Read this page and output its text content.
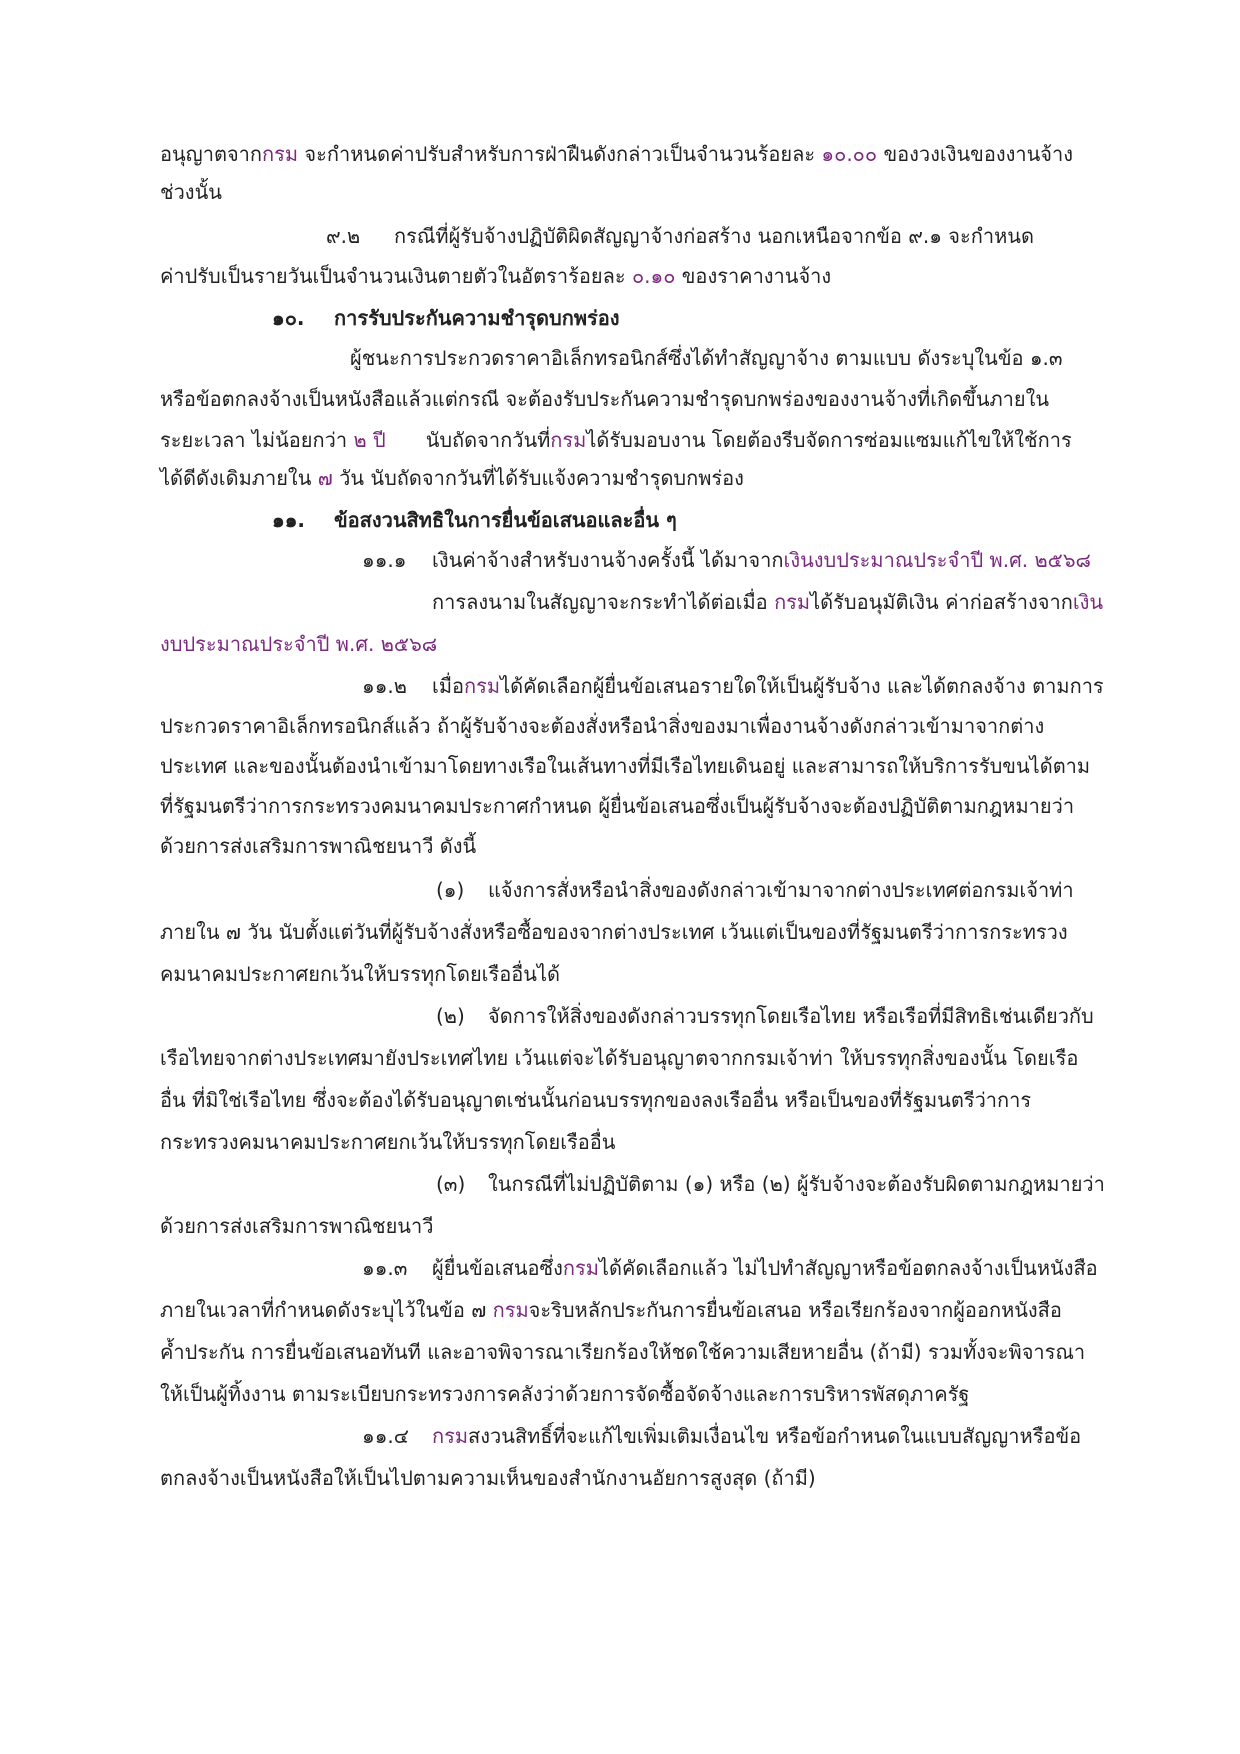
อนุญาตจากกรม จะกำหนดค่าปรับสำหรับการฝ่าฝืนดังกล่าวเป็นจำนวนร้อยละ ๑๐.๐๐ ของวงเงินของงานจ้าง
ช่วงนั้น
๙.๒ กรณีที่ผู้รับจ้างปฏิบัติผิดสัญญาจ้างก่อสร้าง นอกเหนือจากข้อ ๙.๑ จะกำหนด
ค่าปรับเป็นรายวันเป็นจำนวนเงินตายตัวในอัตราร้อยละ ๐.๑๐ ของราคางานจ้าง
๑๐. การรับประกันความชำรุดบกพร่อง
ผู้ชนะการประกวดราคาอิเล็กทรอนิกส์ซึ่งได้ทำสัญญาจ้าง ตามแบบ ดังระบุในข้อ ๑.๓
หรือข้อตกลงจ้างเป็นหนังสือแล้วแต่กรณี จะต้องรับประกันความชำรุดบกพร่องของงานจ้างที่เกิดขึ้นภายใน
ระยะเวลา ไม่น้อยกว่า ๒ ปี นับถัดจากวันที่กรมได้รับมอบงาน โดยต้องรีบจัดการซ่อมแซมแก้ไขให้ใช้การ
ได้ดีดังเดิมภายใน ๗ วัน นับถัดจากวันที่ได้รับแจ้งความชำรุดบกพร่อง
๑๑. ข้อสงวนสิทธิในการยื่นข้อเสนอและอื่น ๆ
๑๑.๑ เงินค่าจ้างสำหรับงานจ้างครั้งนี้ ได้มาจากเงินงบประมาณประจำปี พ.ศ. ๒๕๖๘
การลงนามในสัญญาจะกระทำได้ต่อเมื่อ กรมได้รับอนุมัติเงิน ค่าก่อสร้างจากเงิน
งบประมาณประจำปี พ.ศ. ๒๕๖๘
๑๑.๒ เมื่อกรมได้คัดเลือกผู้ยื่นข้อเสนอรายใดให้เป็นผู้รับจ้าง และได้ตกลงจ้าง ตามการ
ประกวดราคาอิเล็กทรอนิกส์แล้ว ถ้าผู้รับจ้างจะต้องสั่งหรือนำสิ่งของมาเพื่องานจ้างดังกล่าวเข้ามาจากต่าง
ประเทศ และของนั้นต้องนำเข้ามาโดยทางเรือในเส้นทางที่มีเรือไทยเดินอยู่ และสามารถให้บริการรับขนได้ตาม
ที่รัฐมนตรีว่าการกระทรวงคมนาคมประกาศกำหนด ผู้ยื่นข้อเสนอซึ่งเป็นผู้รับจ้างจะต้องปฏิบัติตามกฎหมายว่า
ด้วยการส่งเสริมการพาณิชยนาวี ดังนี้
(๑) แจ้งการสั่งหรือนำสิ่งของดังกล่าวเข้ามาจากต่างประเทศต่อกรมเจ้าท่า
ภายใน ๗ วัน นับตั้งแต่วันที่ผู้รับจ้างสั่งหรือซื้อของจากต่างประเทศ เว้นแต่เป็นของที่รัฐมนตรีว่าการกระทรวง
คมนาคมประกาศยกเว้นให้บรรทุกโดยเรืออื่นได้
(๒) จัดการให้สิ่งของดังกล่าวบรรทุกโดยเรือไทย หรือเรือที่มีสิทธิเช่นเดียวกับ
เรือไทยจากต่างประเทศมายังประเทศไทย เว้นแต่จะได้รับอนุญาตจากกรมเจ้าท่า ให้บรรทุกสิ่งของนั้น โดยเรือ
อื่น ที่มิใช่เรือไทย ซึ่งจะต้องได้รับอนุญาตเช่นนั้นก่อนบรรทุกของลงเรืออื่น หรือเป็นของที่รัฐมนตรีว่าการ
กระทรวงคมนาคมประกาศยกเว้นให้บรรทุกโดยเรืออื่น
(๓) ในกรณีที่ไม่ปฏิบัติตาม (๑) หรือ (๒) ผู้รับจ้างจะต้องรับผิดตามกฎหมายว่า
ด้วยการส่งเสริมการพาณิชยนาวี
๑๑.๓ ผู้ยื่นข้อเสนอซึ่งกรมได้คัดเลือกแล้ว ไม่ไปทำสัญญาหรือข้อตกลงจ้างเป็นหนังสือ
ภายในเวลาที่กำหนดดังระบุไว้ในข้อ ๗ กรมจะริบหลักประกันการยื่นข้อเสนอ หรือเรียกร้องจากผู้ออกหนังสือ
ค้ำประกัน การยื่นข้อเสนอทันที และอาจพิจารณาเรียกร้องให้ชดใช้ความเสียหายอื่น (ถ้ามี) รวมทั้งจะพิจารณา
ให้เป็นผู้ทิ้งงาน ตามระเบียบกระทรวงการคลังว่าด้วยการจัดซื้อจัดจ้างและการบริหารพัสดุภาครัฐ
๑๑.๔ กรมสงวนสิทธิ์ที่จะแก้ไขเพิ่มเติมเงื่อนไข หรือข้อกำหนดในแบบสัญญาหรือข้อ
ตกลงจ้างเป็นหนังสือให้เป็นไปตามความเห็นของสำนักงานอัยการสูงสุด (ถ้ามี)
